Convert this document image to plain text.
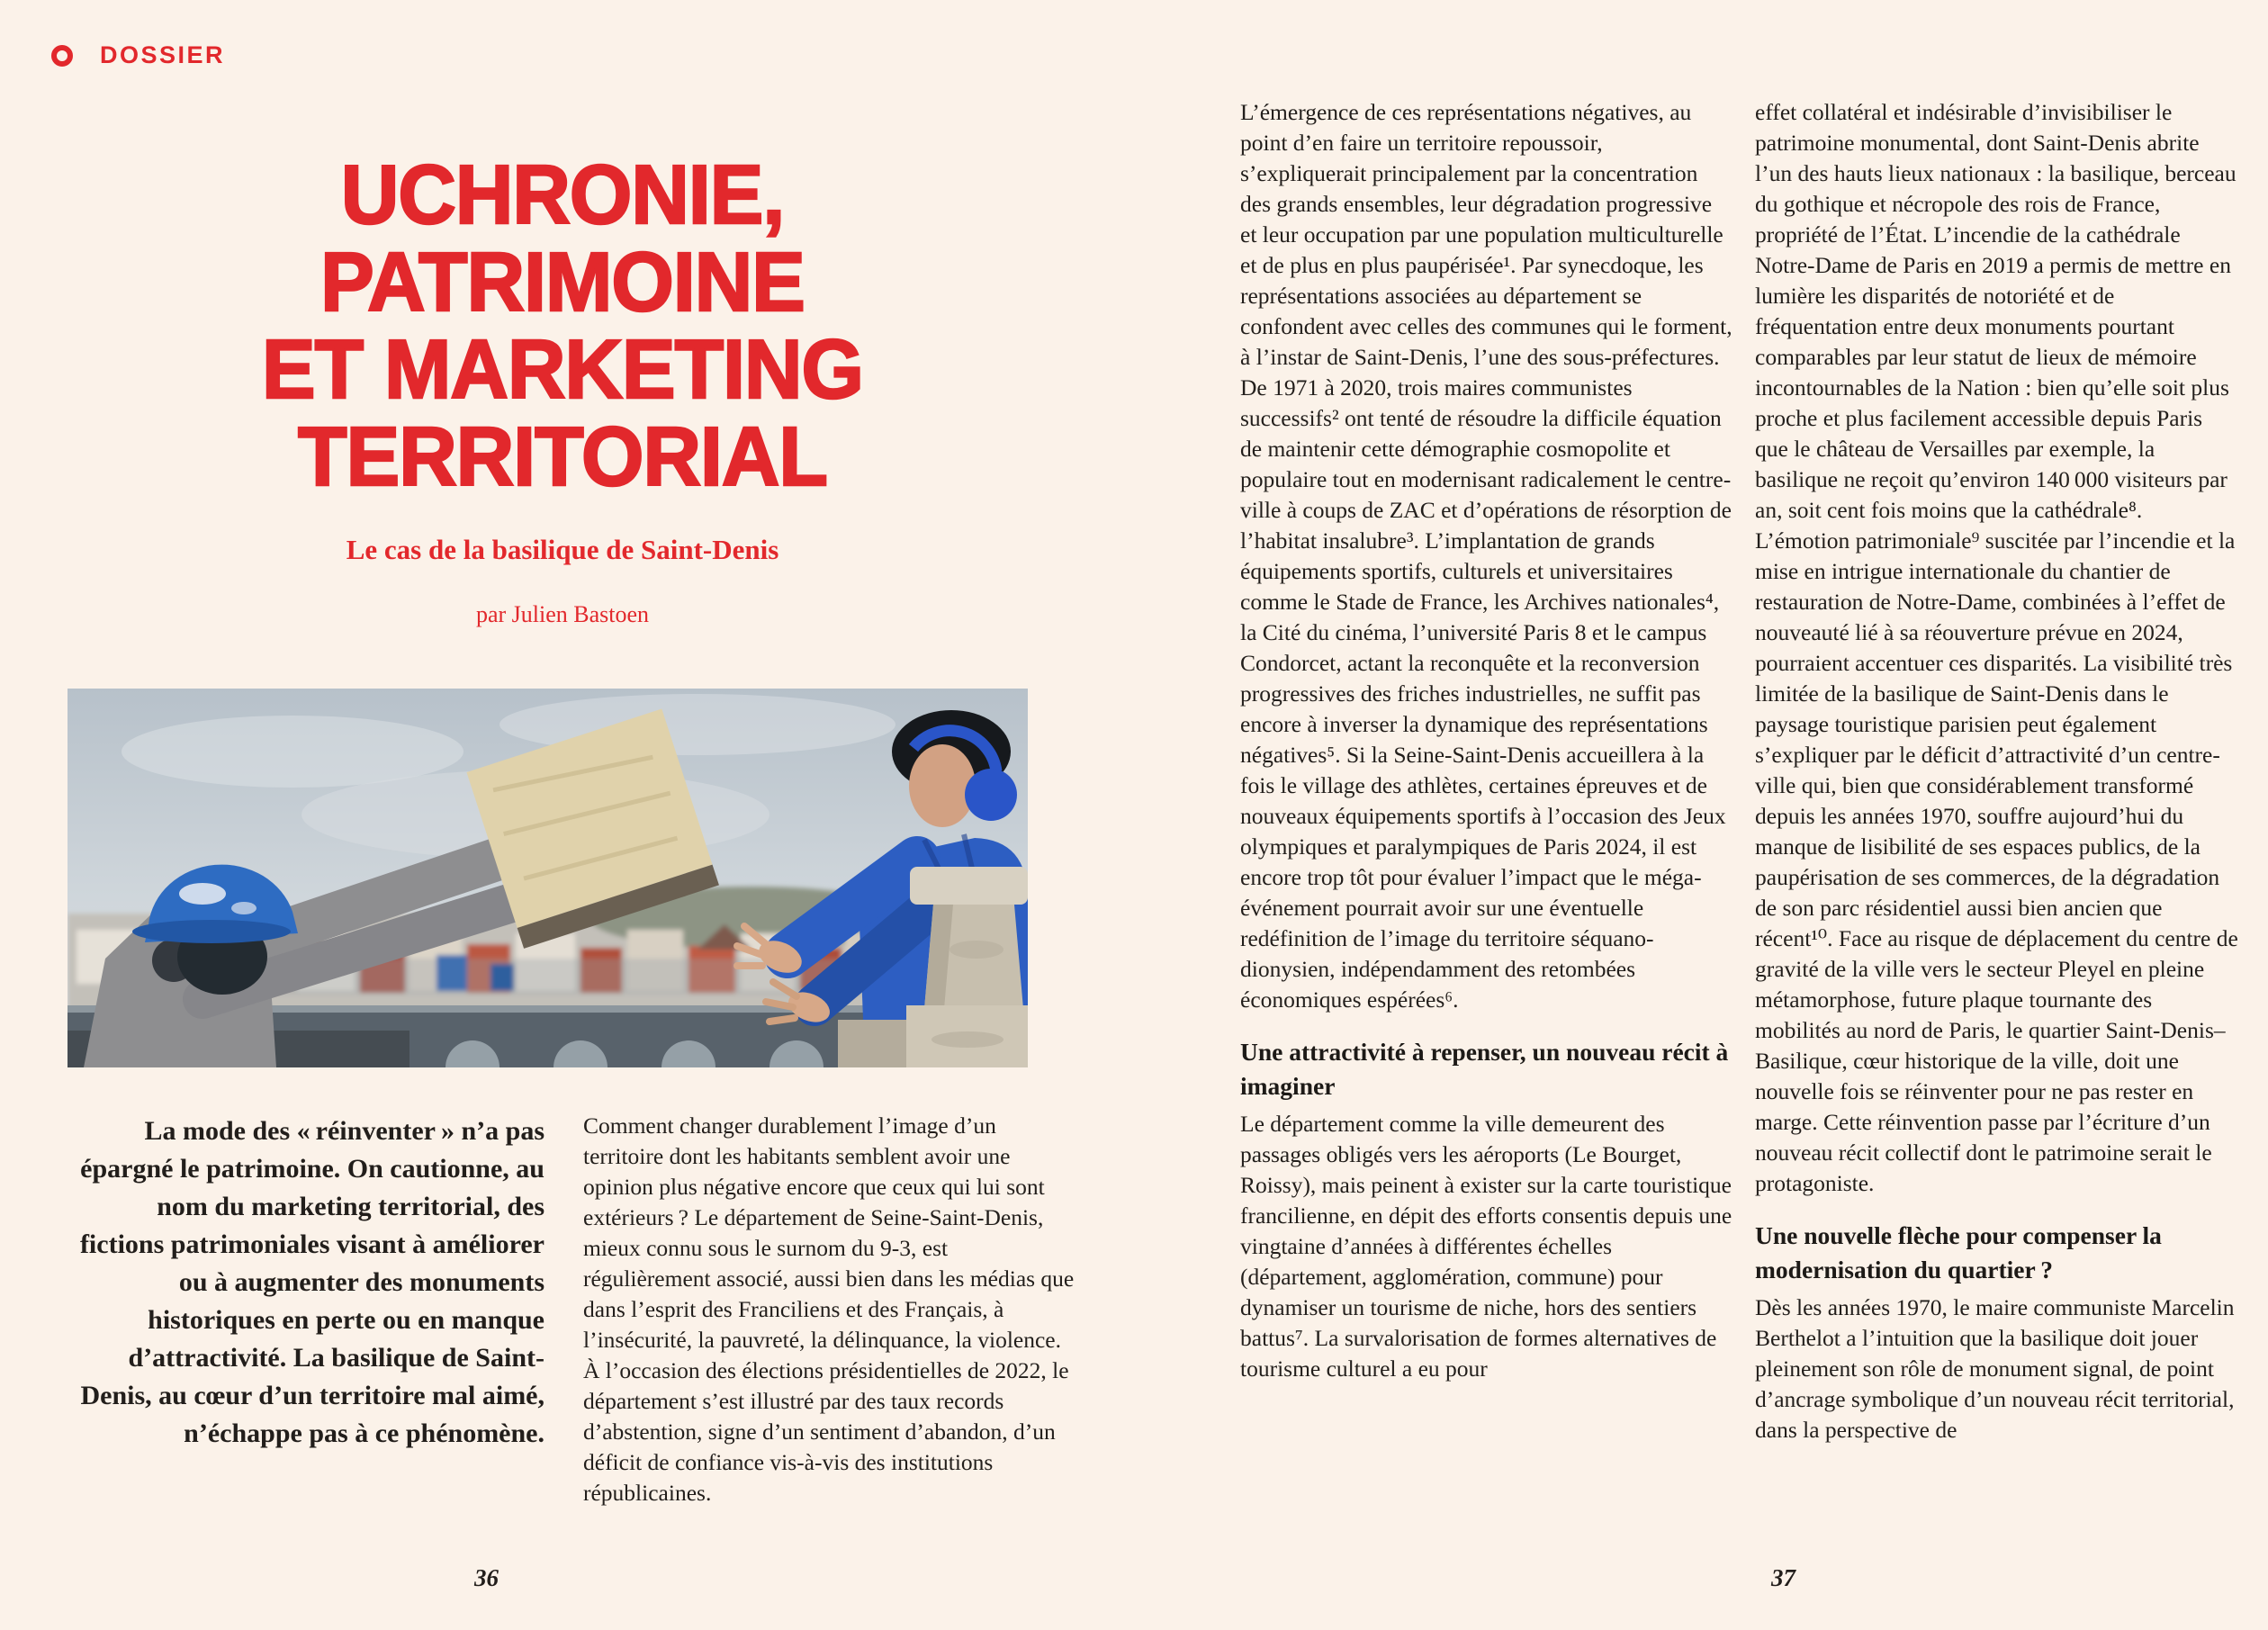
DOSSIER
UCHRONIE,
PATRIMOINE
ET MARKETING
TERRITORIAL

Le cas de la basilique de Saint-Denis

par Julien Bastoen

La mode des « réinventer » n’a pas épargné le patrimoine. On cautionne, au nom du marketing territorial, des fictions patrimoniales visant à améliorer ou à augmenter des monuments historiques en perte ou en manque d’attractivité. La basilique de Saint-Denis, au cœur d’un territoire mal aimé, n’échappe pas à ce phénomène.

Comment changer durablement l’image d’un territoire dont les habitants semblent avoir une opinion plus négative encore que ceux qui lui sont extérieurs ? Le département de Seine-Saint-Denis, mieux connu sous le surnom du 9-3, est régulièrement associé, aussi bien dans les médias que dans l’esprit des Franciliens et des Français, à l’insécurité, la pauvreté, la délinquance, la violence. À l’occasion des élections présidentielles de 2022, le département s’est illustré par des taux records d’abstention, signe d’un sentiment d’abandon, d’un déficit de confiance vis-à-vis des institutions républicaines.

L’émergence de ces représentations négatives, au point d’en faire un territoire repoussoir, s’expliquerait principalement par la concentration des grands ensembles, leur dégradation progressive et leur occupation par une population multiculturelle et de plus en plus paupérisée¹. Par synecdoque, les représentations associées au département se confondent avec celles des communes qui le forment, à l’instar de Saint-Denis, l’une des sous-préfectures. De 1971 à 2020, trois maires communistes successifs² ont tenté de résoudre la difficile équation de maintenir cette démographie cosmopolite et populaire tout en modernisant radicalement le centre-ville à coups de ZAC et d’opérations de résorption de l’habitat insalubre³. L’implantation de grands équipements sportifs, culturels et universitaires comme le Stade de France, les Archives nationales⁴, la Cité du cinéma, l’université Paris 8 et le campus Condorcet, actant la reconquête et la reconversion progressives des friches industrielles, ne suffit pas encore à inverser la dynamique des représentations négatives⁵. Si la Seine-Saint-Denis accueillera à la fois le village des athlètes, certaines épreuves et de nouveaux équipements sportifs à l’occasion des Jeux olympiques et paralympiques de Paris 2024, il est encore trop tôt pour évaluer l’impact que le méga-événement pourrait avoir sur une éventuelle redéfinition de l’image du territoire séquano-dionysien, indépendamment des retombées économiques espérées⁶.

Une attractivité à repenser, un nouveau récit à imaginer

Le département comme la ville demeurent des passages obligés vers les aéroports (Le Bourget, Roissy), mais peinent à exister sur la carte touristique francilienne, en dépit des efforts consentis depuis une vingtaine d’années à différentes échelles (département, agglomération, commune) pour dynamiser un tourisme de niche, hors des sentiers battus⁷. La survalorisation de formes alternatives de tourisme culturel a eu pour

effet collatéral et indésirable d’invisibiliser le patrimoine monumental, dont Saint-Denis abrite l’un des hauts lieux nationaux : la basilique, berceau du gothique et nécropole des rois de France, propriété de l’État. L’incendie de la cathédrale Notre-Dame de Paris en 2019 a permis de mettre en lumière les disparités de notoriété et de fréquentation entre deux monuments pourtant comparables par leur statut de lieux de mémoire incontournables de la Nation : bien qu’elle soit plus proche et plus facilement accessible depuis Paris que le château de Versailles par exemple, la basilique ne reçoit qu’environ 140 000 visiteurs par an, soit cent fois moins que la cathédrale⁸. L’émotion patrimoniale⁹ suscitée par l’incendie et la mise en intrigue internationale du chantier de restauration de Notre-Dame, combinées à l’effet de nouveauté lié à sa réouverture prévue en 2024, pourraient accentuer ces disparités. La visibilité très limitée de la basilique de Saint-Denis dans le paysage touristique parisien peut également s’expliquer par le déficit d’attractivité d’un centre-ville qui, bien que considérablement transformé depuis les années 1970, souffre aujourd’hui du manque de lisibilité de ses espaces publics, de la paupérisation de ses commerces, de la dégradation de son parc résidentiel aussi bien ancien que récent¹⁰. Face au risque de déplacement du centre de gravité de la ville vers le secteur Pleyel en pleine métamorphose, future plaque tournante des mobilités au nord de Paris, le quartier Saint-Denis–Basilique, cœur historique de la ville, doit une nouvelle fois se réinventer pour ne pas rester en marge. Cette réinvention passe par l’écriture d’un nouveau récit collectif dont le patrimoine serait le protagoniste.

Une nouvelle flèche pour compenser la modernisation du quartier ?

Dès les années 1970, le maire communiste Marcelin Berthelot a l’intuition que la basilique doit jouer pleinement son rôle de monument signal, de point d’ancrage symbolique d’un nouveau récit territorial, dans la perspective de

36	37
